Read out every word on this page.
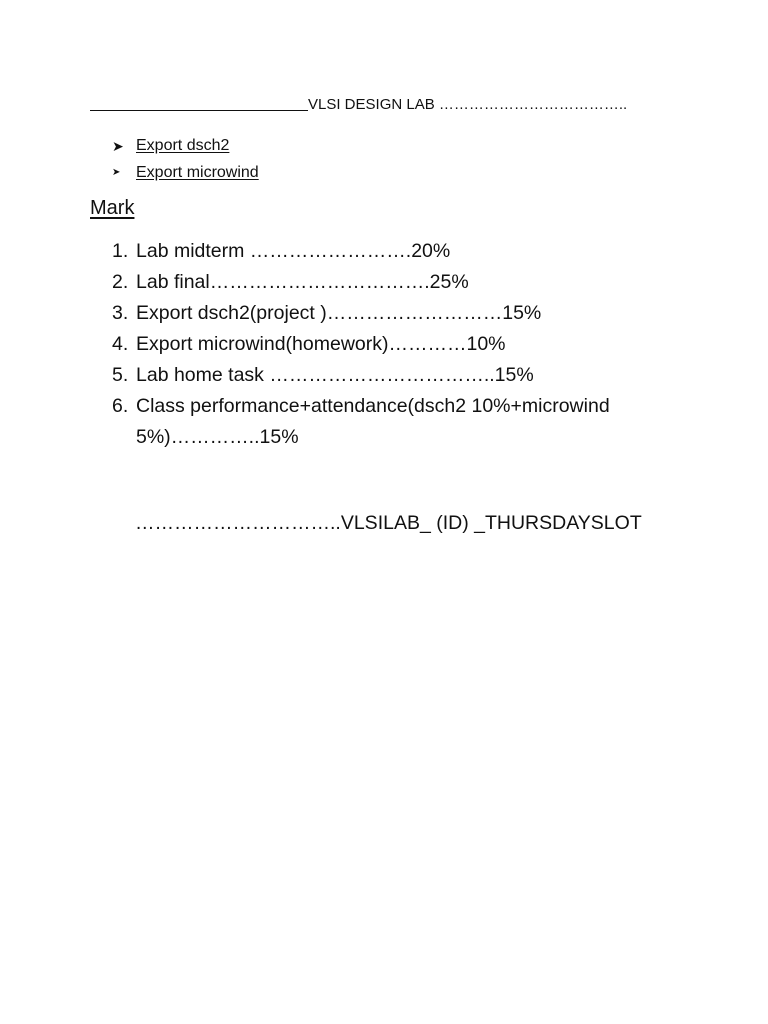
VLSI DESIGN LAB ………………………………..
➤ Export dsch2
➤ Export microwind
Mark
1. Lab midterm …………………….20%
2. Lab final…………………………….25%
3. Export dsch2(project )………………………15%
4. Export microwind(homework)…………10%
5. Lab home task ……………………………..15%
6. Class performance+attendance(dsch2 10%+microwind 5%)…………..15%
…………………………..VLSILAB_ (ID) _THURSDAYSLOT
